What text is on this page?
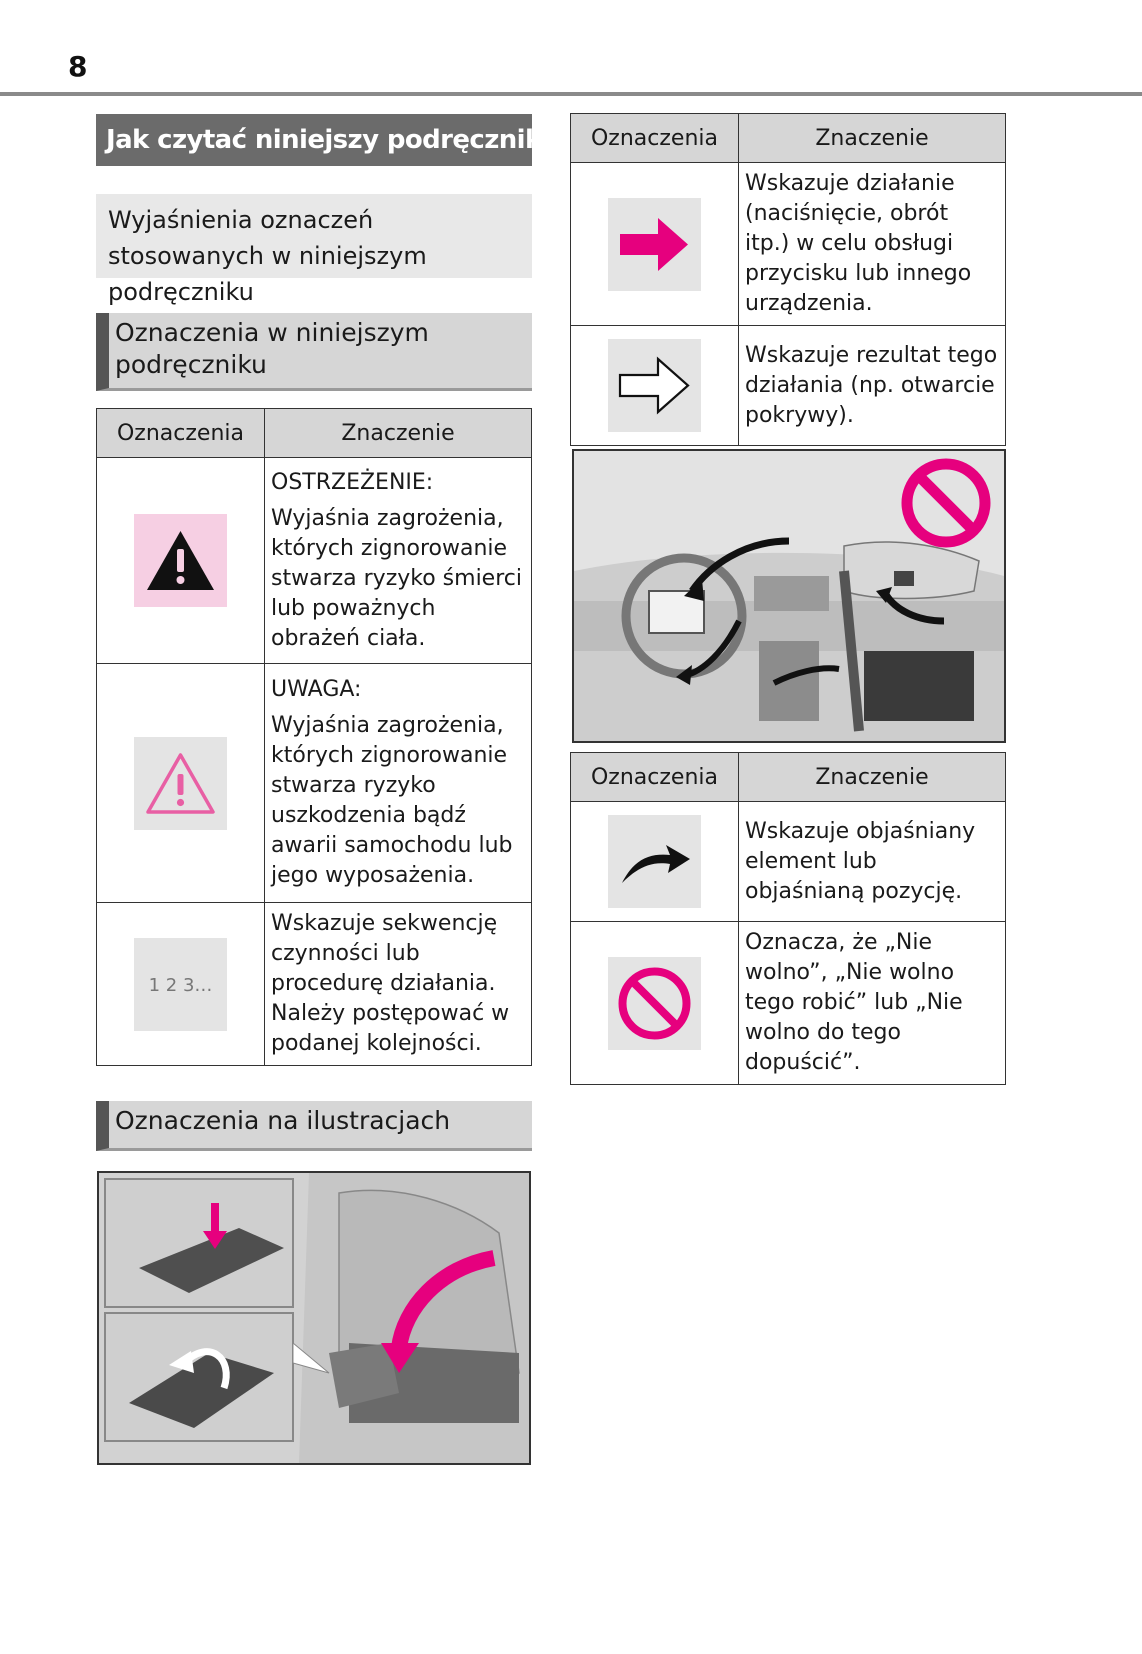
8
Jak czytać niniejszy podręcznik
Wyjaśnienia oznaczeń stosowanych w niniejszym podręczniku
Oznaczenia w niniejszym podręczniku
Oznaczenia	Znaczenie

OSTRZEŻENIE:
Wyjaśnia zagrożenia, których zignorowanie stwarza ryzyko śmierci lub poważnych obrażeń ciała.

UWAGA:
Wyjaśnia zagrożenia, których zignorowanie stwarza ryzyko uszkodzenia bądź awarii samochodu lub jego wyposażenia.

1 2 3…	Wskazuje sekwencję czynności lub procedurę działania. Należy postępować w podanej kolejności.
Oznaczenia na ilustracjach
Oznaczenia	Znaczenie

Wskazuje działanie (naciśnięcie, obrót itp.) w celu obsługi przycisku lub innego urządzenia.

Wskazuje rezultat tego działania (np. otwarcie pokrywy).
Oznaczenia	Znaczenie

Wskazuje objaśniany element lub objaśnianą pozycję.

Oznacza, że „Nie wolno”, „Nie wolno tego robić” lub „Nie wolno do tego dopuścić”.
